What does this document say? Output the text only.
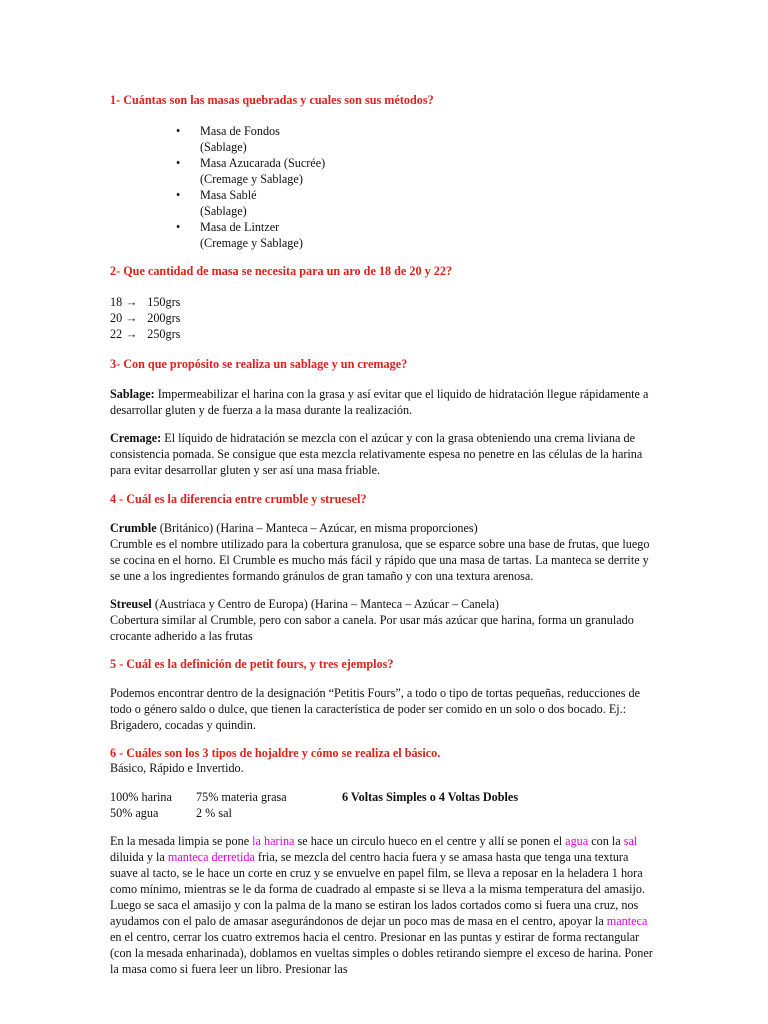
1- Cuántas son las masas quebradas y cuales son sus métodos?
• Masa de Fondos
(Sablage)
• Masa Azucarada (Sucrée)
(Cremage y Sablage)
• Masa Sablé
(Sablage)
• Masa de Lintzer
(Cremage y Sablage)
2- Que cantidad de masa se necesita para un aro de 18 de 20 y 22?
18 → 150grs
20 → 200grs
22 → 250grs
3- Con que propósito se realiza un sablage y un cremage?

Sablage: Impermeabilizar el harina con la grasa y así evitar que el liquido de hidratación llegue rápidamente a desarrollar gluten y de fuerza a la masa durante la realización.

Cremage: El líquido de hidratación se mezcla con el azúcar y con la grasa obteniendo una crema liviana de consistencia pomada. Se consigue que esta mezcla relativamente espesa no penetre en las células de la harina para evitar desarrollar gluten y ser así una masa friable.

4 - Cuál es la diferencia entre crumble y struesel?

Crumble (Británico) (Harina – Manteca – Azúcar, en misma proporciones)
Crumble es el nombre utilizado para la cobertura granulosa, que se esparce sobre una base de frutas, que luego se cocina en el horno. El Crumble es mucho más fácil y rápido que una masa de tartas. La manteca se derrite y se une a los ingredientes formando gránulos de gran tamaño y con una textura arenosa.

Streusel (Austriaca y Centro de Europa) (Harina – Manteca – Azúcar – Canela)
Cobertura similar al Crumble, pero con sabor a canela. Por usar más azúcar que harina, forma un granulado crocante adherido a las frutas

5 - Cuál es la definición de petit fours, y tres ejemplos?

Podemos encontrar dentro de la designación “Petitis Fours”, a todo o tipo de tortas pequeñas, reducciones de todo o género saldo o dulce, que tienen la característica de poder ser comido en un solo o dos bocado. Ej.: Brigadero, cocadas y quindin.

6 - Cuáles son los 3 tipos de hojaldre y cómo se realiza el básico.
Básico, Rápido e Invertido.
100% harina	75% materia grasa	6 Voltas Simples o 4 Voltas Dobles
50% agua	2 % sal	

En la mesada limpia se pone la harina se hace un circulo hueco en el centre y allí se ponen el agua con la sal diluida y la manteca derretida fria, se mezcla del centro hacia fuera y se amasa hasta que tenga una textura suave al tacto, se le hace un corte en cruz y se envuelve en papel film, se lleva a reposar en la heladera 1 hora como mínimo, mientras se le da forma de cuadrado al empaste si se lleva a la misma temperatura del amasijo. Luego se saca el amasijo y con la palma de la mano se estiran los lados cortados como si fuera una cruz, nos ayudamos con el palo de amasar asegurándonos de dejar un poco mas de masa en el centro, apoyar la manteca en el centro, cerrar los cuatro extremos hacia el centro. Presionar en las puntas y estirar de forma rectangular (con la mesada enharinada), doblamos en vueltas simples o dobles retirando siempre el exceso de harina. Poner la masa como si fuera leer un libro. Presionar las
